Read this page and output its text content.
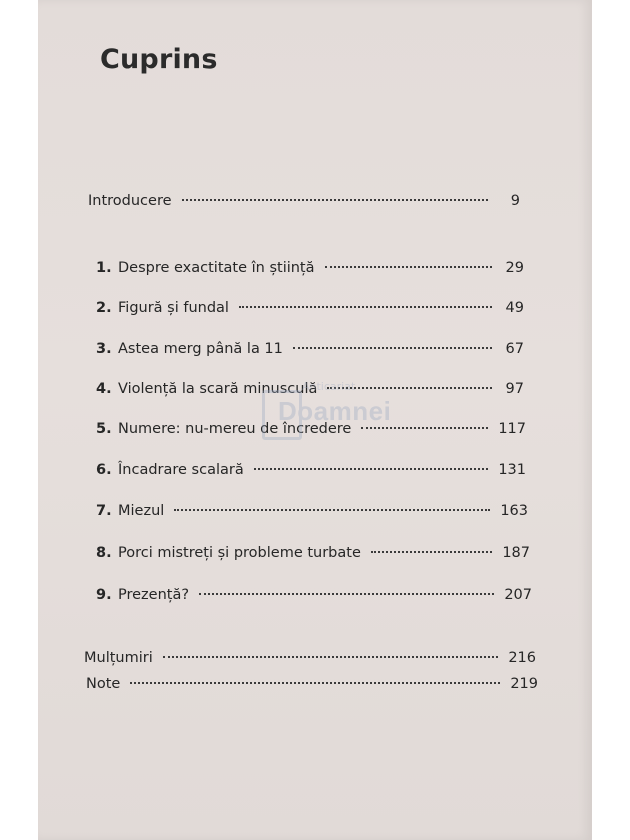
Cuprins
Introducere	9
1. Despre exactitate în știință	29
2. Figură și fundal	49
3. Astea merg până la 11	67
4. Violență la scară minusculă	97
5. Numere: nu-mereu de încredere	117
6. Încadrare scalară	131
7. Miezul	163
8. Porci mistreți și probleme turbate	187
9. Prezență?	207
Mulțumiri	216
Note	219
Anticariat
Doamnei
